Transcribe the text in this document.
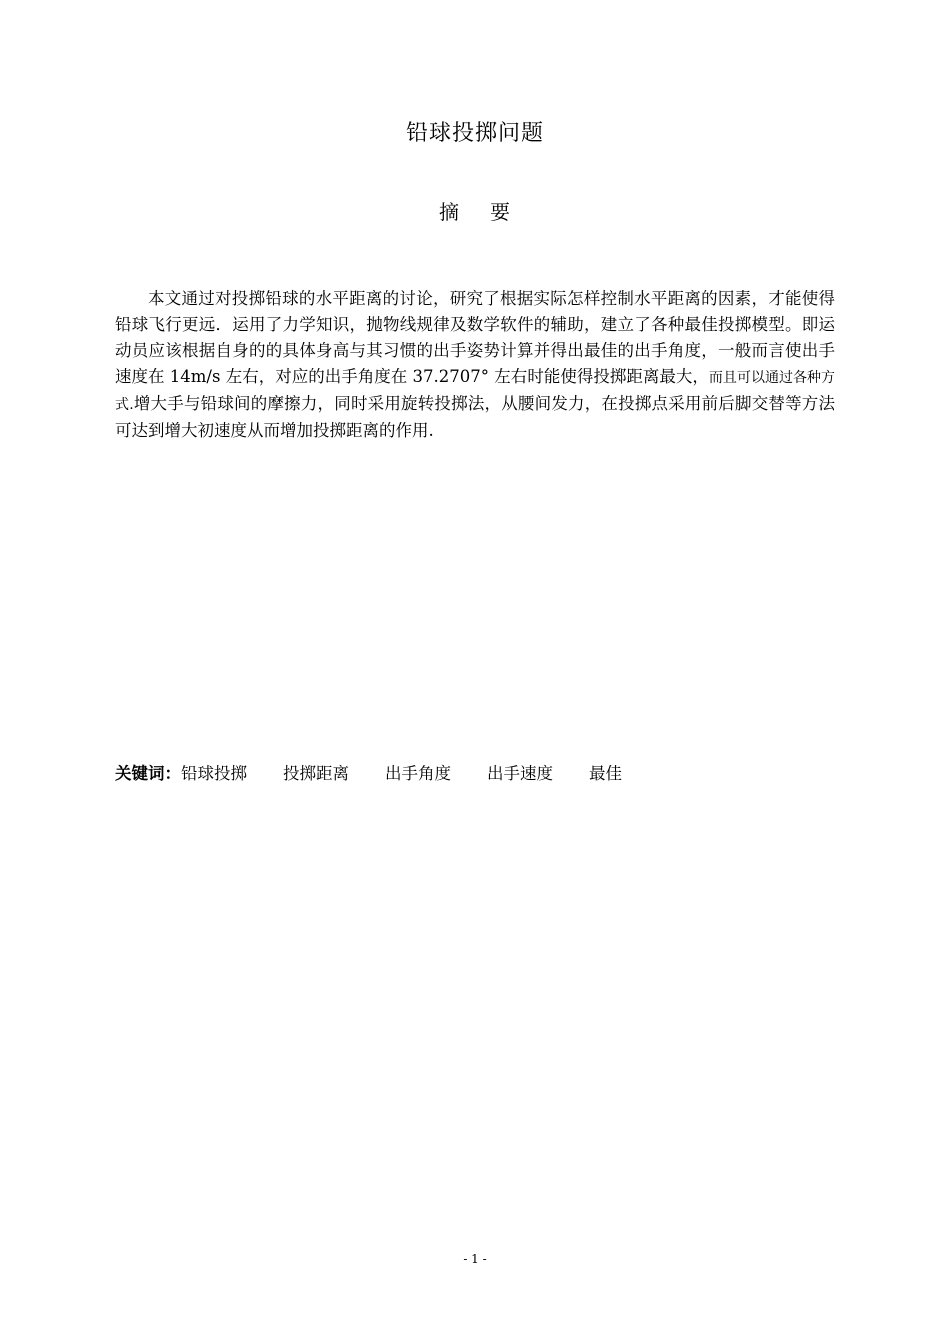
铅球投掷问题
摘 要
本文通过对投掷铅球的水平距离的讨论，研究了根据实际怎样控制水平距离的因素，才能使得铅球飞行更远．运用了力学知识，抛物线规律及数学软件的辅助，建立了各种最佳投掷模型。即运动员应该根据自身的的具体身高与其习惯的出手姿势计算并得出最佳的出手角度，一般而言使出手速度在 14m/s 左右，对应的出手角度在 37.2707° 左右时能使得投掷距离最大，而且可以通过各种方式.增大手与铅球间的摩擦力，同时采用旋转投掷法，从腰间发力，在投掷点采用前后脚交替等方法可达到增大初速度从而增加投掷距离的作用.
关键词：铅球投掷 投掷距离 出手角度 出手速度 最佳
- 1 -
